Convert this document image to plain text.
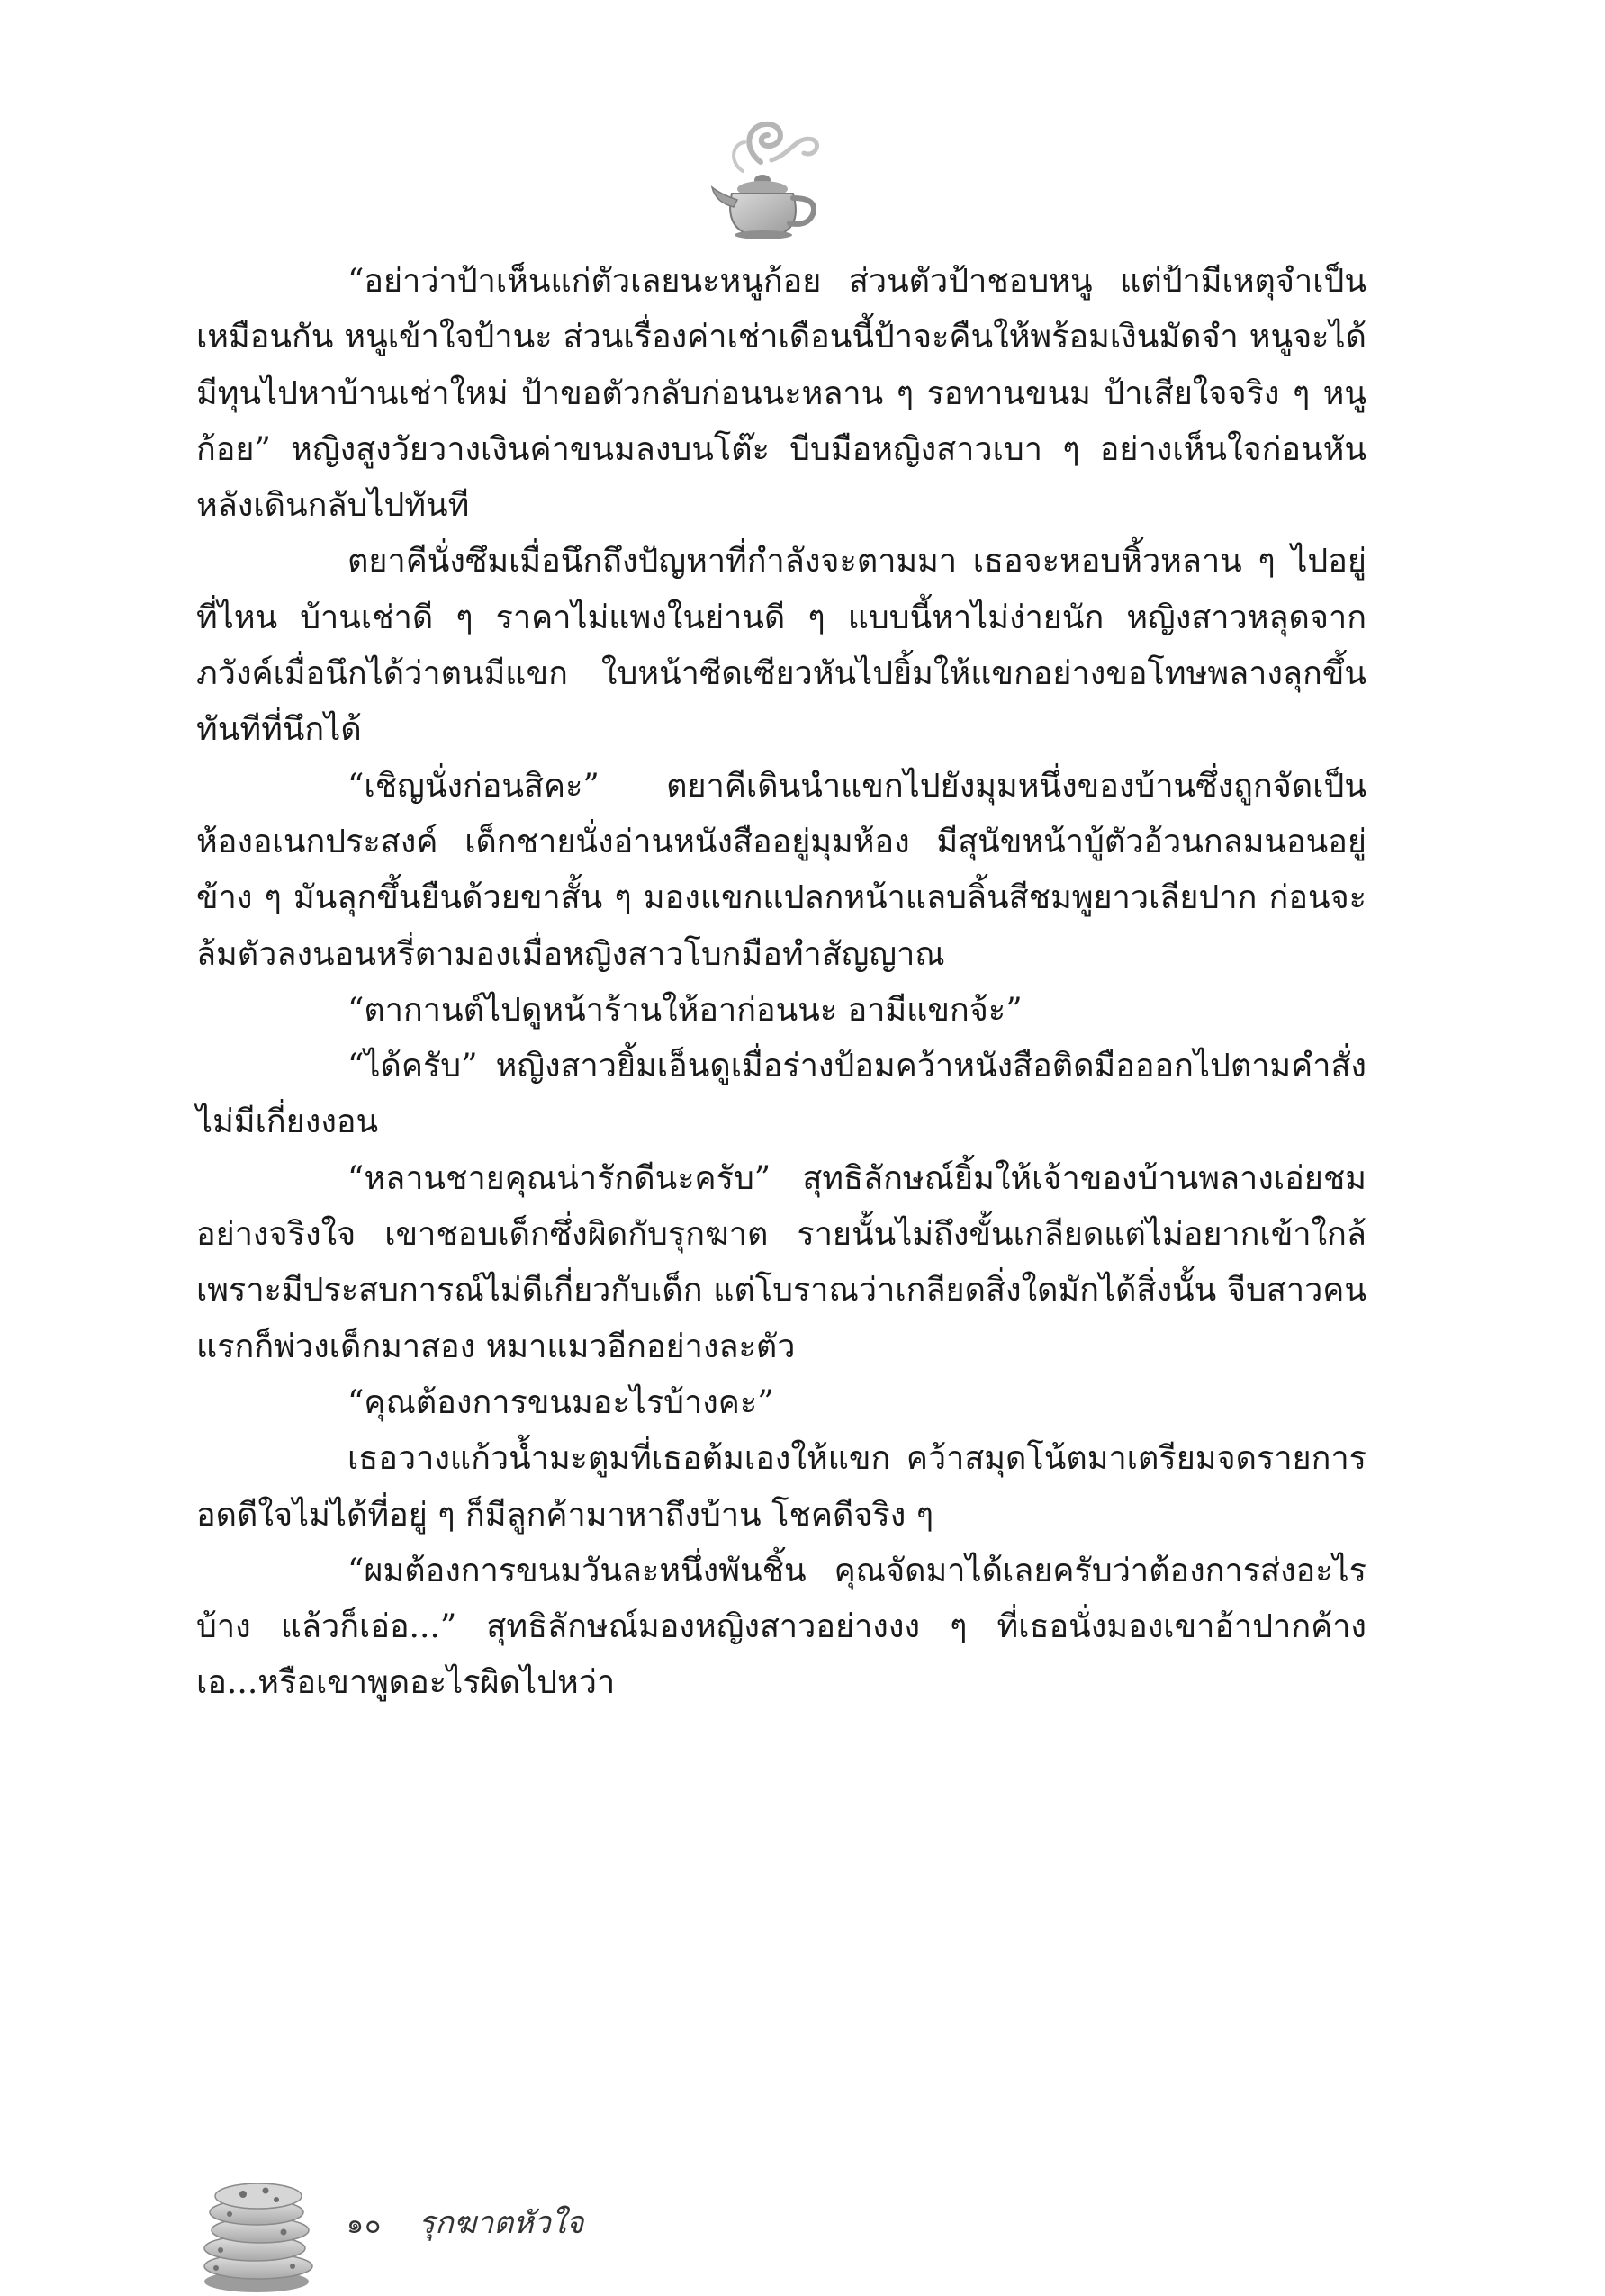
“อย่าว่าป้าเห็นแก่ตัวเลยนะหนูก้อย ส่วนตัวป้าชอบหนู แต่ป้ามีเหตุจำเป็นเหมือนกัน หนูเข้าใจป้านะ ส่วนเรื่องค่าเช่าเดือนนี้ป้าจะคืนให้พร้อมเงินมัดจำ หนูจะได้มีทุนไปหาบ้านเช่าใหม่ ป้าขอตัวกลับก่อนนะหลาน ๆ รอทานขนม ป้าเสียใจจริง ๆ หนูก้อย” หญิงสูงวัยวางเงินค่าขนมลงบนโต๊ะ บีบมือหญิงสาวเบา ๆ อย่างเห็นใจก่อนหันหลังเดินกลับไปทันที

ตยาคีนั่งซึมเมื่อนึกถึงปัญหาที่กำลังจะตามมา เธอจะหอบหิ้วหลาน ๆ ไปอยู่ที่ไหน บ้านเช่าดี ๆ ราคาไม่แพงในย่านดี ๆ แบบนี้หาไม่ง่ายนัก หญิงสาวหลุดจากภวังค์เมื่อนึกได้ว่าตนมีแขก ใบหน้าซีดเซียวหันไปยิ้มให้แขกอย่างขอโทษพลางลุกขึ้นทันทีที่นึกได้

“เชิญนั่งก่อนสิคะ” ตยาคีเดินนำแขกไปยังมุมหนึ่งของบ้านซึ่งถูกจัดเป็นห้องอเนกประสงค์ เด็กชายนั่งอ่านหนังสืออยู่มุมห้อง มีสุนัขหน้าบู้ตัวอ้วนกลมนอนอยู่ข้าง ๆ มันลุกขึ้นยืนด้วยขาสั้น ๆ มองแขกแปลกหน้าแลบลิ้นสีชมพูยาวเลียปาก ก่อนจะล้มตัวลงนอนหรี่ตามองเมื่อหญิงสาวโบกมือทำสัญญาณ

“ตากานต์ไปดูหน้าร้านให้อาก่อนนะ อามีแขกจ้ะ”

“ได้ครับ” หญิงสาวยิ้มเอ็นดูเมื่อร่างป้อมคว้าหนังสือติดมือออกไปตามคำสั่งไม่มีเกี่ยงงอน

“หลานชายคุณน่ารักดีนะครับ” สุทธิลักษณ์ยิ้มให้เจ้าของบ้านพลางเอ่ยชมอย่างจริงใจ เขาชอบเด็กซึ่งผิดกับรุกฆาต รายนั้นไม่ถึงขั้นเกลียดแต่ไม่อยากเข้าใกล้เพราะมีประสบการณ์ไม่ดีเกี่ยวกับเด็ก แต่โบราณว่าเกลียดสิ่งใดมักได้สิ่งนั้น จีบสาวคนแรกก็พ่วงเด็กมาสอง หมาแมวอีกอย่างละตัว

“คุณต้องการขนมอะไรบ้างคะ”

เธอวางแก้วน้ำมะตูมที่เธอต้มเองให้แขก คว้าสมุดโน้ตมาเตรียมจดรายการ อดดีใจไม่ได้ที่อยู่ ๆ ก็มีลูกค้ามาหาถึงบ้าน โชคดีจริง ๆ

“ผมต้องการขนมวันละหนึ่งพันชิ้น คุณจัดมาได้เลยครับว่าต้องการส่งอะไรบ้าง แล้วก็เอ่อ...” สุทธิลักษณ์มองหญิงสาวอย่างงง ๆ ที่เธอนั่งมองเขาอ้าปากค้าง เอ...หรือเขาพูดอะไรผิดไปหว่า

๑๐ รุกฆาตหัวใจ
